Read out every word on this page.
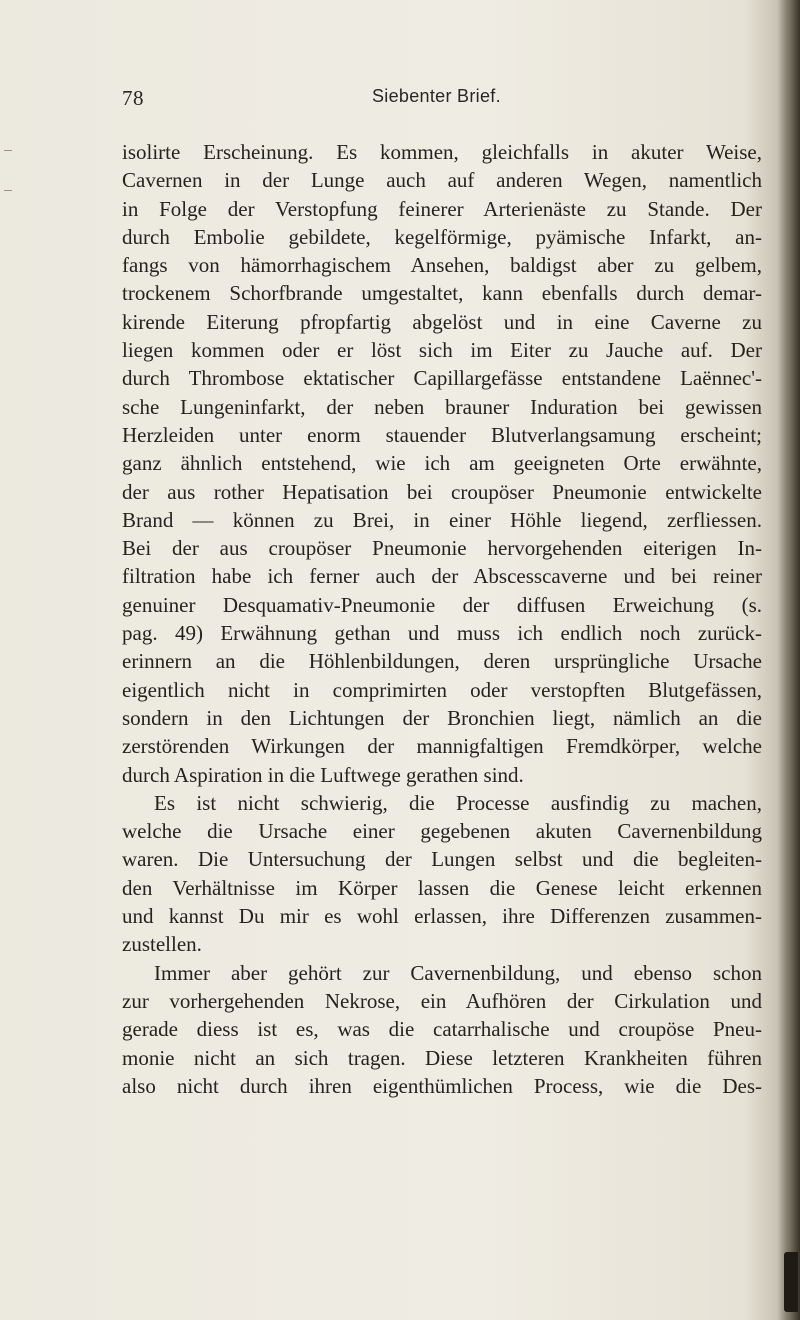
78	Siebenter Brief.
isolirte Erscheinung. Es kommen, gleichfalls in akuter Weise,
Cavernen in der Lunge auch auf anderen Wegen, namentlich
in Folge der Verstopfung feinerer Arterienäste zu Stande. Der
durch Embolie gebildete, kegelförmige, pyämische Infarkt, an-
fangs von hämorrhagischem Ansehen, baldigst aber zu gelbem,
trockenem Schorfbrande umgestaltet, kann ebenfalls durch demar-
kirende Eiterung pfropfartig abgelöst und in eine Caverne zu
liegen kommen oder er löst sich im Eiter zu Jauche auf. Der
durch Thrombose ektatischer Capillargefässe entstandene Laënnec'-
sche Lungeninfarkt, der neben brauner Induration bei gewissen
Herzleiden unter enorm stauender Blutverlangsamung erscheint;
ganz ähnlich entstehend, wie ich am geeigneten Orte erwähnte,
der aus rother Hepatisation bei croupöser Pneumonie entwickelte
Brand — können zu Brei, in einer Höhle liegend, zerfliessen.
Bei der aus croupöser Pneumonie hervorgehenden eiterigen In-
filtration habe ich ferner auch der Abscesscaverne und bei reiner
genuiner Desquamativ-Pneumonie der diffusen Erweichung (s.
pag. 49) Erwähnung gethan und muss ich endlich noch zurück-
erinnern an die Höhlenbildungen, deren ursprüngliche Ursache
eigentlich nicht in comprimirten oder verstopften Blutgefässen,
sondern in den Lichtungen der Bronchien liegt, nämlich an die
zerstörenden Wirkungen der mannigfaltigen Fremdkörper, welche
durch Aspiration in die Luftwege gerathen sind.
Es ist nicht schwierig, die Processe ausfindig zu machen,
welche die Ursache einer gegebenen akuten Cavernenbildung
waren. Die Untersuchung der Lungen selbst und die begleiten-
den Verhältnisse im Körper lassen die Genese leicht erkennen
und kannst Du mir es wohl erlassen, ihre Differenzen zusammen-
zustellen.
Immer aber gehört zur Cavernenbildung, und ebenso schon
zur vorhergehenden Nekrose, ein Aufhören der Cirkulation und
gerade diess ist es, was die catarrhalische und croupöse Pneu-
monie nicht an sich tragen. Diese letzteren Krankheiten führen
also nicht durch ihren eigenthümlichen Process, wie die Des-
